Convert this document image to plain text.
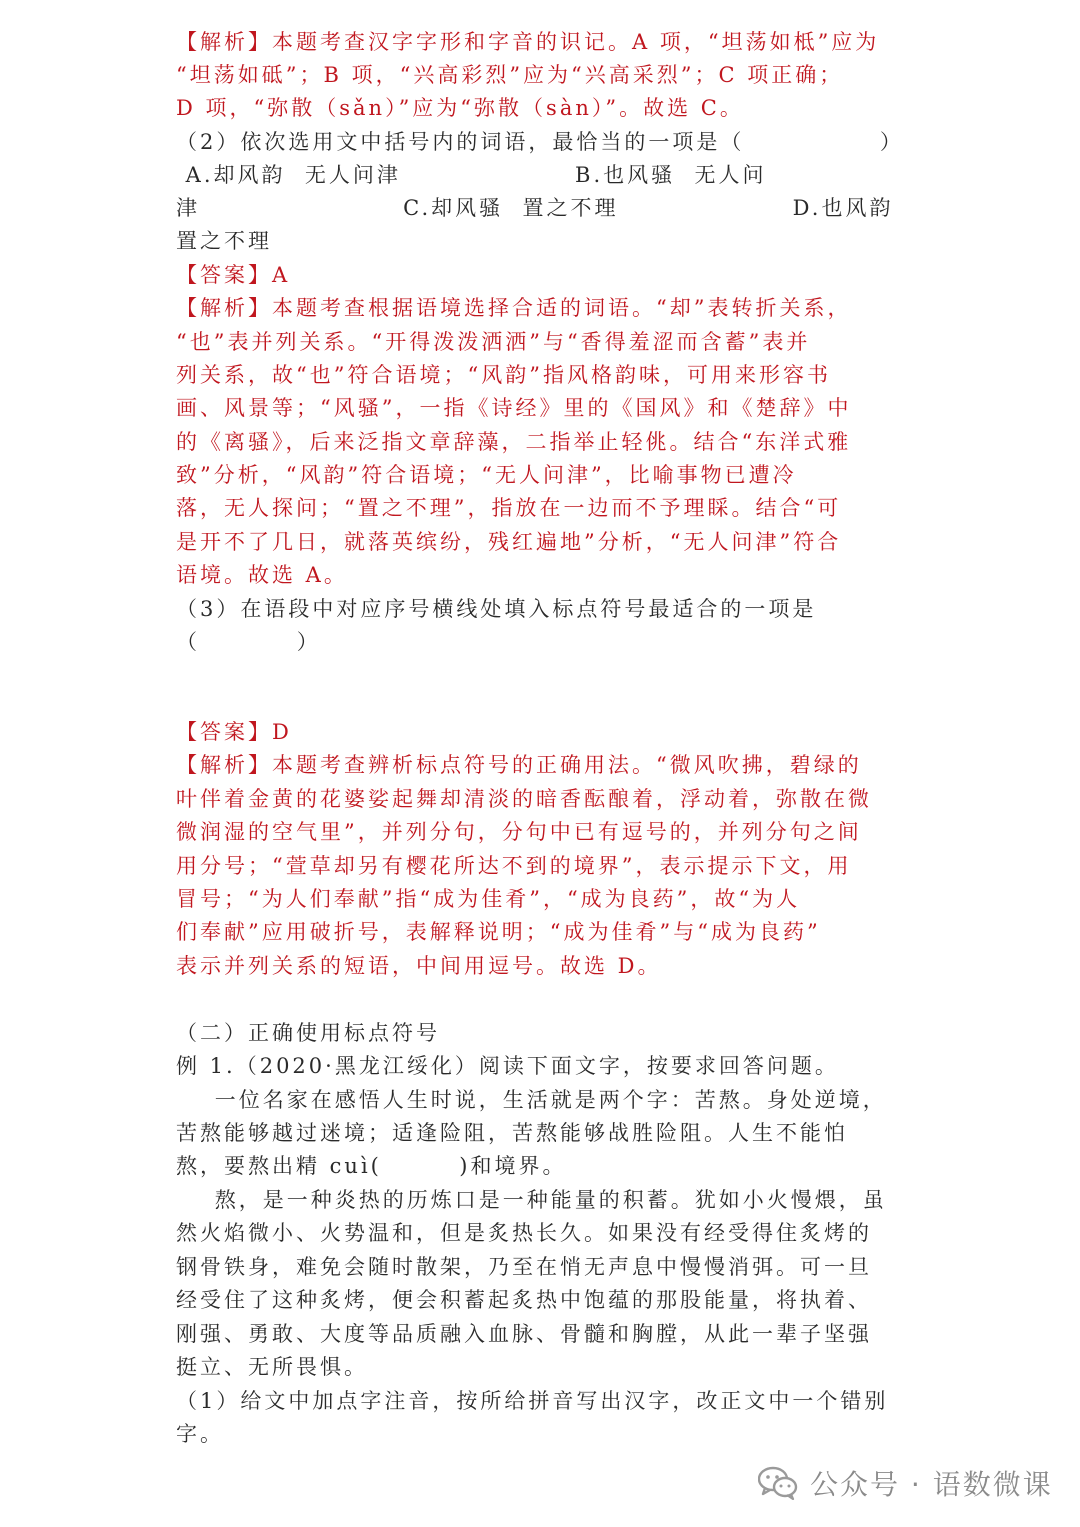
【解析】本题考查汉字字形和字音的识记。A 项，“坦荡如柢”应为
“坦荡如砥”；B 项，“兴高彩烈”应为“兴高采烈”；C 项正确；
D 项，“弥散（sǎn）”应为“弥散（sàn）”。故选 C。
（2）依次选用文中括号内的词语，最恰当的一项是（              ）
A.却风韵  无人问津                  B.也风骚  无人问
津                     C.却风骚  置之不理                  D.也风韵
置之不理
【答案】A
【解析】本题考查根据语境选择合适的词语。“却”表转折关系，
“也”表并列关系。“开得泼泼洒洒”与“香得羞涩而含蓄”表并
列关系，故“也”符合语境；“风韵”指风格韵味，可用来形容书
画、风景等；“风骚”，一指《诗经》里的《国风》和《楚辞》中
的《离骚》，后来泛指文章辞藻，二指举止轻佻。结合“东洋式雅
致”分析，“风韵”符合语境；“无人问津”，比喻事物已遭冷
落，无人探问；“置之不理”，指放在一边而不予理睬。结合“可
是开不了几日，就落英缤纷，残红遍地”分析，“无人问津”符合
语境。故选 A。
（3）在语段中对应序号横线处填入标点符号最适合的一项是
（          ）
【答案】D
【解析】本题考查辨析标点符号的正确用法。“微风吹拂，碧绿的
叶伴着金黄的花婆娑起舞却清淡的暗香酝酿着，浮动着，弥散在微
微润湿的空气里”，并列分句，分句中已有逗号的，并列分句之间
用分号；“萱草却另有樱花所达不到的境界”，表示提示下文，用
冒号；“为人们奉献”指“成为佳肴”，“成为良药”，故“为人
们奉献”应用破折号，表解释说明；“成为佳肴”与“成为良药”
表示并列关系的短语，中间用逗号。故选 D。
（二）正确使用标点符号
例 1.（2020·黑龙江绥化）阅读下面文字，按要求回答问题。
一位名家在感悟人生时说，生活就是两个字：苦熬。身处逆境，
苦熬能够越过迷境；适逢险阻，苦熬能够战胜险阻。人生不能怕
熬，要熬出精 cuì(        )和境界。
熬，是一种炎热的历炼口是一种能量的积蓄。犹如小火慢煨，虽
然火焰微小、火势温和，但是炙热长久。如果没有经受得住炙烤的
钢骨铁身，难免会随时散架，乃至在悄无声息中慢慢消弭。可一旦
经受住了这种炙烤，便会积蓄起炙热中饱蕴的那股能量，将执着、
刚强、勇敢、大度等品质融入血脉、骨髓和胸膛，从此一辈子坚强
挺立、无所畏惧。
（1）给文中加点字注音，按所给拼音写出汉字，改正文中一个错别
字。
公众号 · 语数微课
